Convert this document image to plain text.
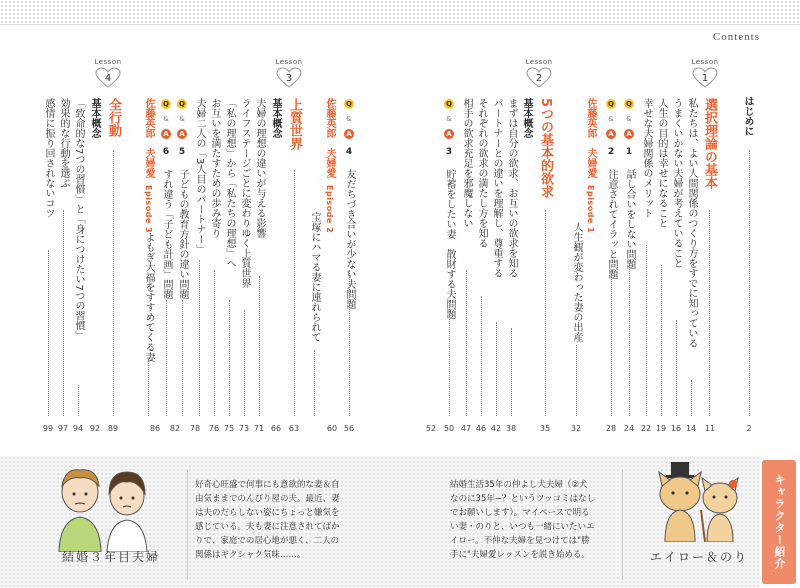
Contents
Lesson
1
Lesson
2
Lesson
3
Lesson
4
はじめに
2
選択理論の基本
11
私たちは、よい人間関係のつくり方をすでに知っている
14
うまくいかない夫婦が考えていること
16
人生の目的は幸せになること
19
幸せな夫婦関係のメリット
22
Q & A 1 話し合いをしない問題
24
Q & A 2 注意されてイラッと問題
28
佐藤英郎
夫婦愛 Episode 1
人生観が変わった妻の出産
32
5つの基本的欲求
35
基本概念
まずは自分の欲求、お互いの欲求を知る
38
パートナーとの違いを理解し、尊重する
42
それぞれの欲求の満たし方を知る
46
相手の欲求充足を邪魔しない
47
Q & A 3 貯蓄をしたい妻　散財する夫問題
50
52
Q & A 4 友だちづき合いが少ない夫問題
56
佐藤英郎
夫婦愛 Episode 2
宝塚にハマる妻に連れられて
60
上質世界
63
基本概念
66
夫婦の理想の違いが与える影響
71
ライフステージごとに変わりゆく上質世界
73
「私の理想」から「私たちの理想」へ
75
お互いを満たすための歩み寄り
76
夫婦二人の「3人目のパートナー」
Q & A 5 子どもの教育方針の違い問題
78
Q & A 6 すれ違う「子ども計画」問題
82
佐藤英郎
夫婦愛 Episode 3
よもぎ大福をすすめてくる妻
86
全行動
89
基本概念
92
「致命的な7つの習慣」と「身につけたい7つの習慣」
94
効果的な行動を選ぶ
97
感情に振り回されないコツ
99
結婚３年目夫婦
好奇心旺盛で何事にも意欲的な妻＆自
由気ままでのんびり屋の夫。最近、妻
は夫のだらしない姿にちょっと嫌気を
感じている。夫も妻に注意されてばか
りで、家庭での居心地が悪く、二人の
関係はギクシャク気味……。
結婚生活35年の仲よし犬夫婦（②犬
なのに35年−？というツッコミはなし
でお願いします）。マイペースで明る
い妻・のりと、いつも一緒にいたいエ
イロー。不仲な夫婦を見つけては"勝
手に"夫婦愛レッスンを説き始める。	エイロー＆のり	キャラクター紹介
